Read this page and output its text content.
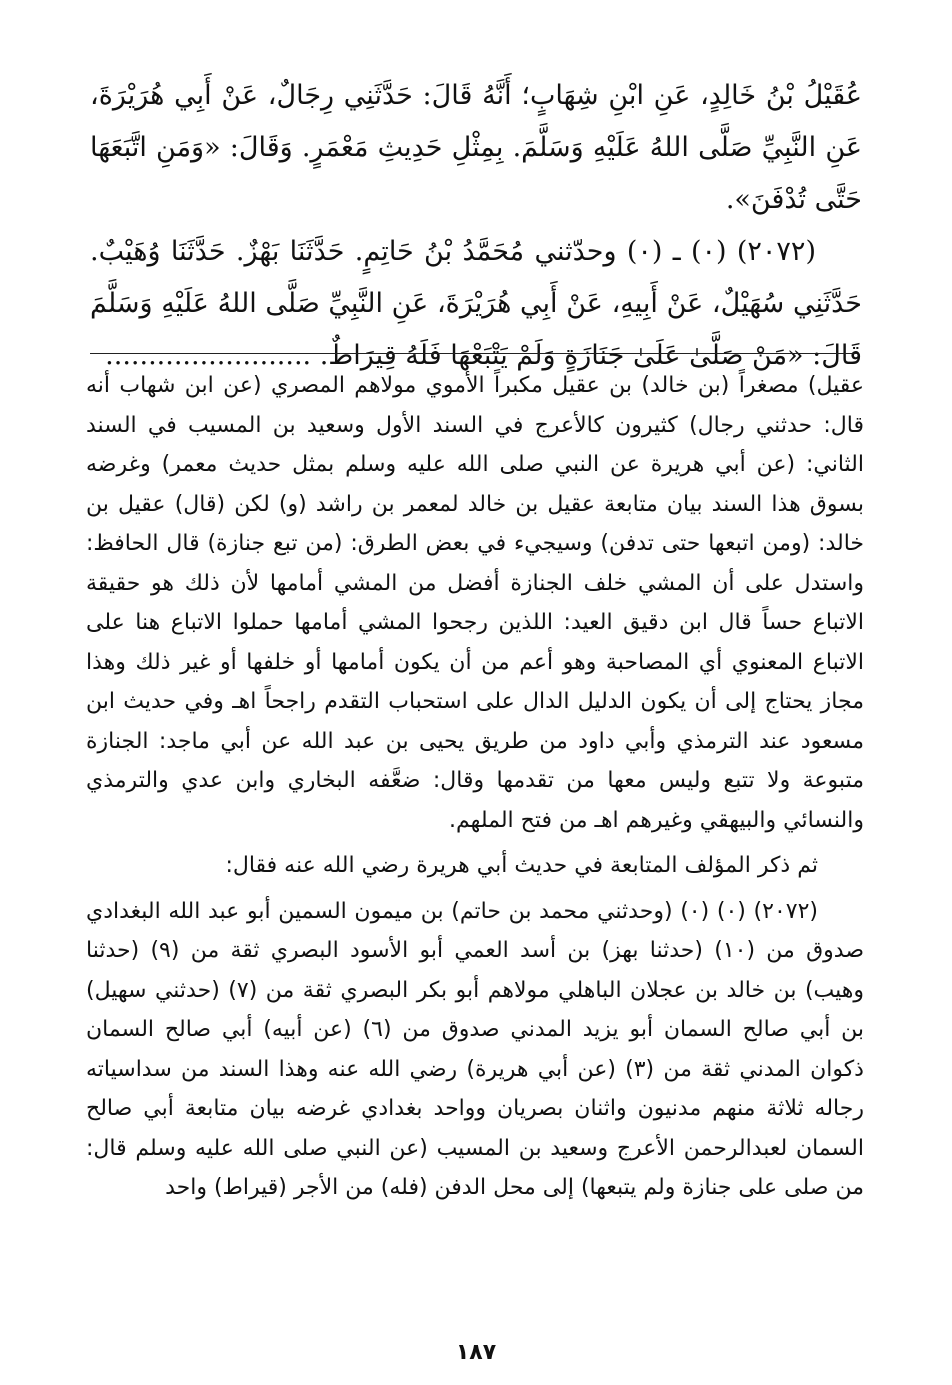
عُقَيْلُ بْنُ خَالِدٍ، عَنِ ابْنِ شِهَابٍ؛ أَنَّهُ قَالَ: حَدَّثَنِي رِجَالٌ، عَنْ أَبِي هُرَيْرَةَ، عَنِ النَّبِيِّ صَلَّى اللهُ عَلَيْهِ وَسَلَّمَ. بِمِثْلِ حَدِيثِ مَعْمَرٍ. وَقَالَ: «وَمَنِ اتَّبَعَهَا حَتَّى تُدْفَنَ».

(٢٠٧٢) (٠) ـ (٠) وحدّثني مُحَمَّدُ بْنُ حَاتِمٍ. حَدَّثَنَا بَهْزٌ. حَدَّثَنَا وُهَيْبٌ. حَدَّثَنِي سُهَيْلٌ، عَنْ أَبِيهِ، عَنْ أَبِي هُرَيْرَةَ، عَنِ النَّبِيِّ صَلَّى اللهُ عَلَيْهِ وَسَلَّمَ قَالَ: «مَنْ صَلَّىٰ عَلَىٰ جَنَازَةٍ وَلَمْ يَتْبَعْهَا فَلَهُ قِيرَاطٌ. ........................

عقيل) مصغراً (بن خالد) بن عقيل مكبراً الأموي مولاهم المصري (عن ابن شهاب أنه قال: حدثني رجال) كثيرون كالأعرج في السند الأول وسعيد بن المسيب في السند الثاني: (عن أبي هريرة عن النبي صلى الله عليه وسلم بمثل حديث معمر) وغرضه بسوق هذا السند بيان متابعة عقيل بن خالد لمعمر بن راشد (و) لكن (قال) عقيل بن خالد: (ومن اتبعها حتى تدفن) وسيجيء في بعض الطرق: (من تبع جنازة) قال الحافظ: واستدل على أن المشي خلف الجنازة أفضل من المشي أمامها لأن ذلك هو حقيقة الاتباع حساً قال ابن دقيق العيد: اللذين رجحوا المشي أمامها حملوا الاتباع هنا على الاتباع المعنوي أي المصاحبة وهو أعم من أن يكون أمامها أو خلفها أو غير ذلك وهذا مجاز يحتاج إلى أن يكون الدليل الدال على استحباب التقدم راجحاً اهـ وفي حديث ابن مسعود عند الترمذي وأبي داود من طريق يحيى بن عبد الله عن أبي ماجد: الجنازة متبوعة ولا تتبع وليس معها من تقدمها وقال: ضعَّفه البخاري وابن عدي والترمذي والنسائي والبيهقي وغيرهم اهـ من فتح الملهم.

ثم ذكر المؤلف المتابعة في حديث أبي هريرة رضي الله عنه فقال:

(٢٠٧٢) (٠) (٠) (وحدثني محمد بن حاتم) بن ميمون السمين أبو عبد الله البغدادي صدوق من (١٠) (حدثنا بهز) بن أسد العمي أبو الأسود البصري ثقة من (٩) (حدثنا وهيب) بن خالد بن عجلان الباهلي مولاهم أبو بكر البصري ثقة من (٧) (حدثني سهيل) بن أبي صالح السمان أبو يزيد المدني صدوق من (٦) (عن أبيه) أبي صالح السمان ذكوان المدني ثقة من (٣) (عن أبي هريرة) رضي الله عنه وهذا السند من سداسياته رجاله ثلاثة منهم مدنيون واثنان بصريان وواحد بغدادي غرضه بيان متابعة أبي صالح السمان لعبدالرحمن الأعرج وسعيد بن المسيب (عن النبي صلى الله عليه وسلم قال: من صلى على جنازة ولم يتبعها) إلى محل الدفن (فله) من الأجر (قيراط) واحد

١٨٧
